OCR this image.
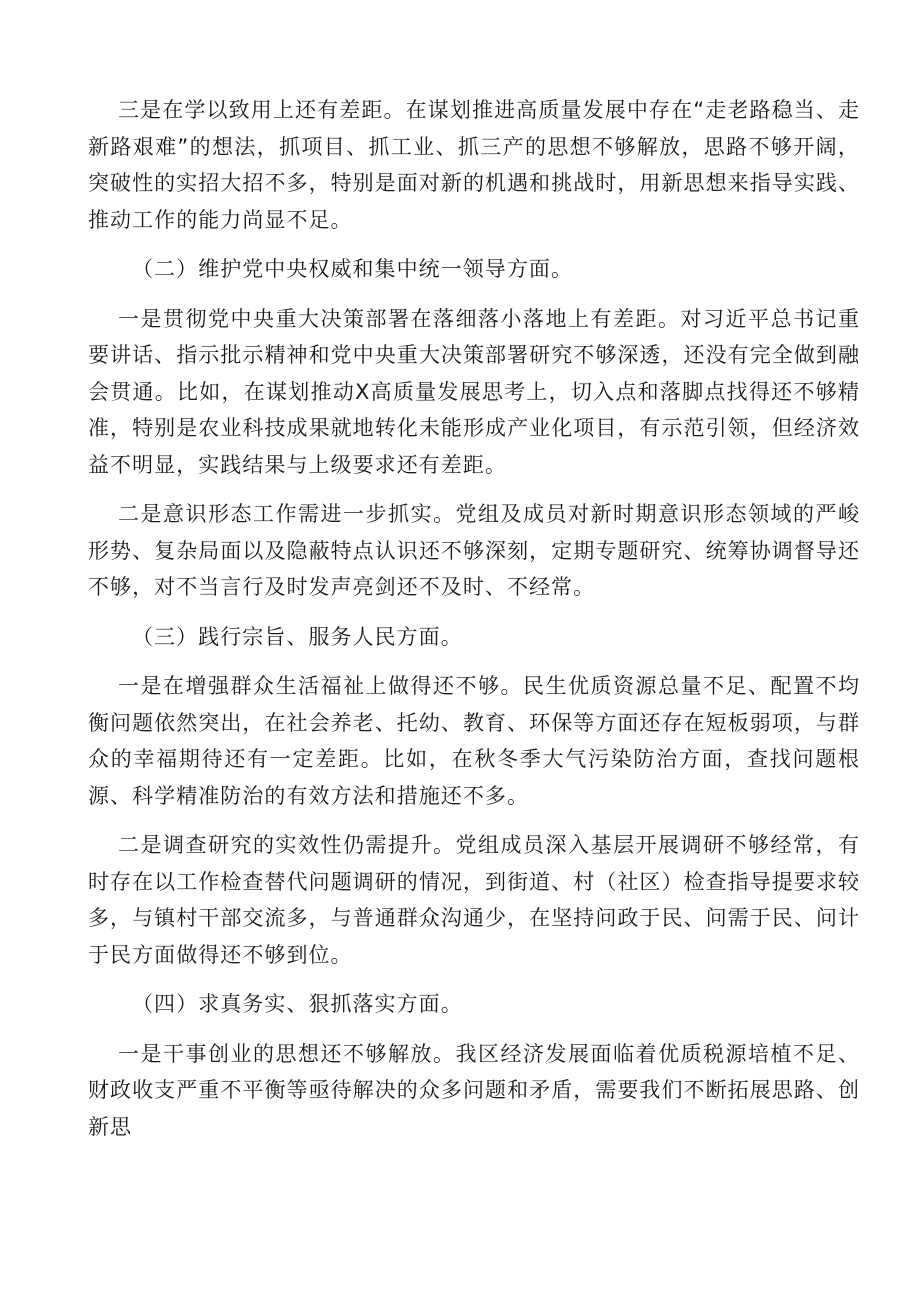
三是在学以致用上还有差距。在谋划推进高质量发展中存在“走老路稳当、走新路艰难”的想法，抓项目、抓工业、抓三产的思想不够解放，思路不够开阔，突破性的实招大招不多，特别是面对新的机遇和挑战时，用新思想来指导实践、推动工作的能力尚显不足。

（二）维护党中央权威和集中统一领导方面。

一是贯彻党中央重大决策部署在落细落小落地上有差距。对习近平总书记重要讲话、指示批示精神和党中央重大决策部署研究不够深透，还没有完全做到融会贯通。比如，在谋划推动X高质量发展思考上，切入点和落脚点找得还不够精准，特别是农业科技成果就地转化未能形成产业化项目，有示范引领，但经济效益不明显，实践结果与上级要求还有差距。

二是意识形态工作需进一步抓实。党组及成员对新时期意识形态领域的严峻形势、复杂局面以及隐蔽特点认识还不够深刻，定期专题研究、统筹协调督导还不够，对不当言行及时发声亮剑还不及时、不经常。

（三）践行宗旨、服务人民方面。

一是在增强群众生活福祉上做得还不够。民生优质资源总量不足、配置不均衡问题依然突出，在社会养老、托幼、教育、环保等方面还存在短板弱项，与群众的幸福期待还有一定差距。比如，在秋冬季大气污染防治方面，查找问题根源、科学精准防治的有效方法和措施还不多。

二是调查研究的实效性仍需提升。党组成员深入基层开展调研不够经常，有时存在以工作检查替代问题调研的情况，到街道、村（社区）检查指导提要求较多，与镇村干部交流多，与普通群众沟通少，在坚持问政于民、问需于民、问计于民方面做得还不够到位。

（四）求真务实、狠抓落实方面。

一是干事创业的思想还不够解放。我区经济发展面临着优质税源培植不足、财政收支严重不平衡等亟待解决的众多问题和矛盾，需要我们不断拓展思路、创新思
